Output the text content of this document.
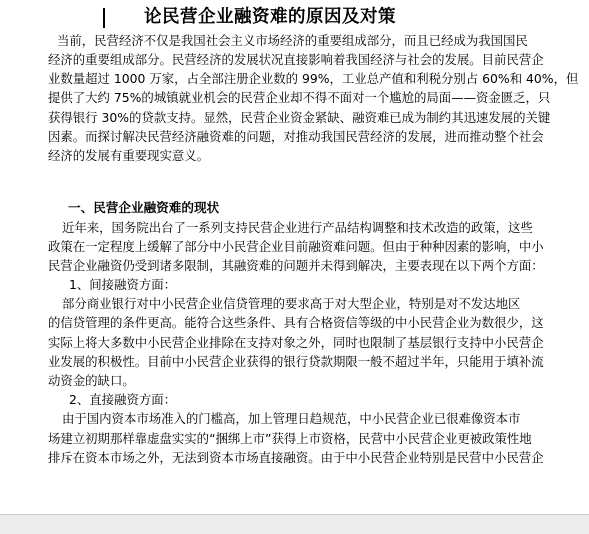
论民营企业融资难的原因及对策
当前，民营经济不仅是我国社会主义市场经济的重要组成部分，而且已经成为我国国民
经济的重要组成部分。民营经济的发展状况直接影响着我国经济与社会的发展。目前民营企
业数量超过 1000 万家，占全部注册企业数的 99%，工业总产值和利税分别占 60%和 40%，但
提供了大约 75%的城镇就业机会的民营企业却不得不面对一个尴尬的局面——资金匮乏，只
获得银行 30%的贷款支持。显然，民营企业资金紧缺、融资难已成为制约其迅速发展的关键
因素。而探讨解决民营经济融资难的问题，对推动我国民营经济的发展，进而推动整个社会
经济的发展有重要现实意义。
一、民营企业融资难的现状
近年来，国务院出台了一系列支持民营企业进行产品结构调整和技术改造的政策，这些
政策在一定程度上缓解了部分中小民营企业目前融资难问题。但由于种种因素的影响，中小
民营企业融资仍受到诸多限制，其融资难的问题并未得到解决，主要表现在以下两个方面：
1、间接融资方面：
部分商业银行对中小民营企业信贷管理的要求高于对大型企业，特别是对不发达地区
的信贷管理的条件更高。能符合这些条件、具有合格资信等级的中小民营企业为数很少，这
实际上将大多数中小民营企业排除在支持对象之外，同时也限制了基层银行支持中小民营企
业发展的积极性。目前中小民营企业获得的银行贷款期限一般不超过半年，只能用于填补流
动资金的缺口。
2、直接融资方面：
由于国内资本市场准入的门槛高，加上管理日趋规范，中小民营企业已很难像资本市
场建立初期那样靠虚盘实实的“捆绑上市”获得上市资格，民营中小民营企业更被政策性地
排斥在资本市场之外，无法到资本市场直接融资。由于中小民营企业特别是民营中小民营企
